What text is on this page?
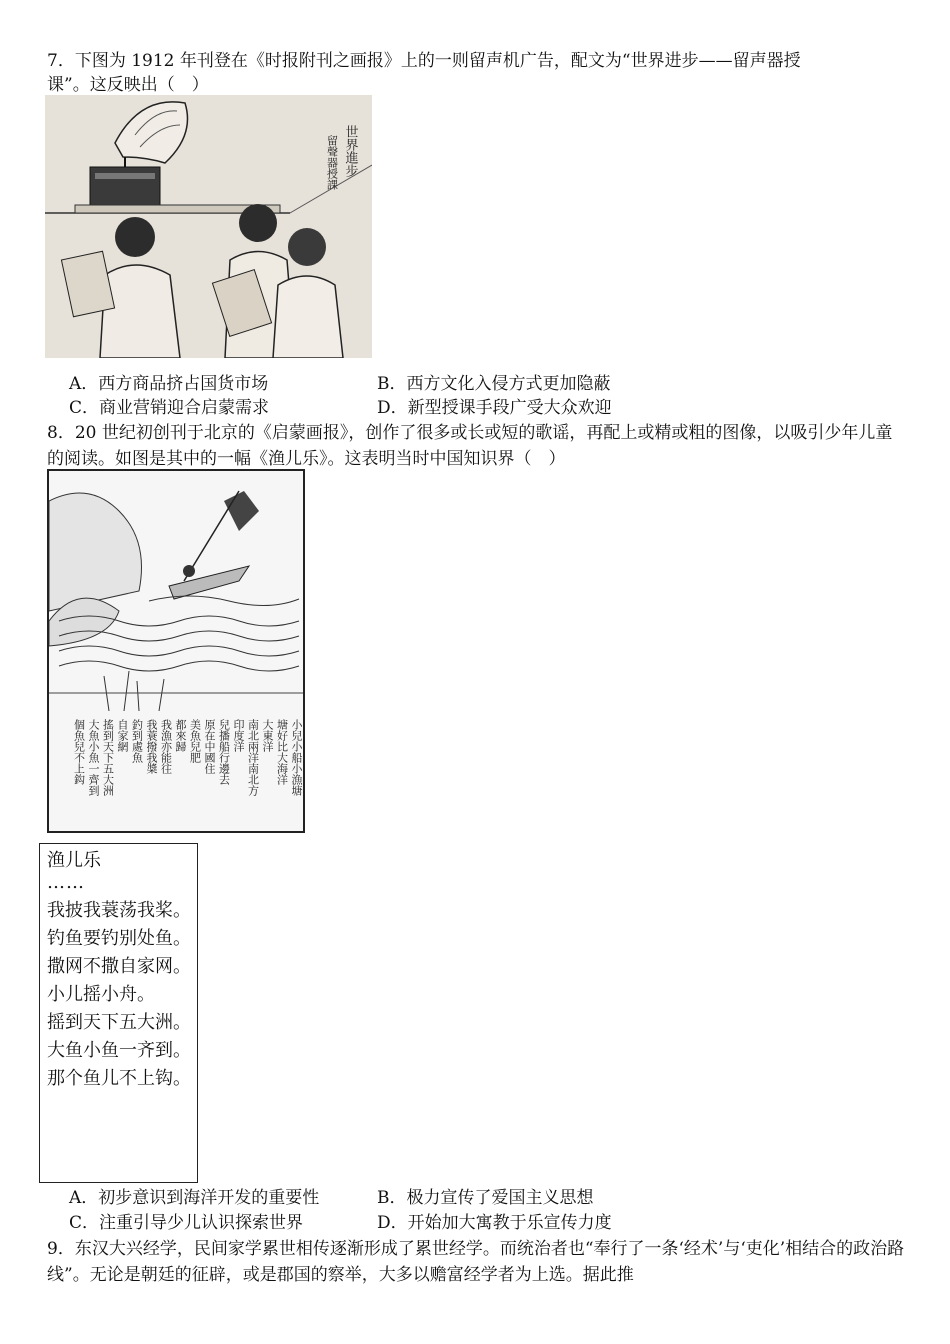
7．下图为 1912 年刊登在《时报附刊之画报》上的一则留声机广告，配文为“世界进步——留声器授
课”。这反映出（　）
世界進步
留聲器授課
A．西方商品挤占国货市场	B．西方文化入侵方式更加隐蔽
C．商业营销迎合启蒙需求	D．新型授课手段广受大众欢迎
8．20 世纪初创刊于北京的《启蒙画报》，创作了很多或长或短的歌谣，再配上或精或粗的图像，以吸引少年儿童的阅读。如图是其中的一幅《渔儿乐》。这表明当时中国知识界（　）
小兒小船小漁塘
塘好比大海洋
大東洋
南北兩洋南北方
印度洋
兒播船行邊去
原在中國住
美魚兒肥
都來歸
我漁亦能往
我蓑撥我槳
釣到處魚
自家網
搖到天下五大洲
大魚小魚一齊到
個魚兒不上鈎
渔儿乐
……
我披我蓑荡我桨。
钓鱼要钓别处鱼。
撒网不撒自家网。
小儿摇小舟。
摇到天下五大洲。
大鱼小鱼一齐到。
那个鱼儿不上钩。
A．初步意识到海洋开发的重要性	B．极力宣传了爱国主义思想
C．注重引导少儿认识探索世界	D．开始加大寓教于乐宣传力度
9．东汉大兴经学，民间家学累世相传逐渐形成了累世经学。而统治者也“奉行了一条‘经术’与‘吏化’相结合的政治路线”。无论是朝廷的征辟，或是郡国的察举，大多以赡富经学者为上选。据此推
